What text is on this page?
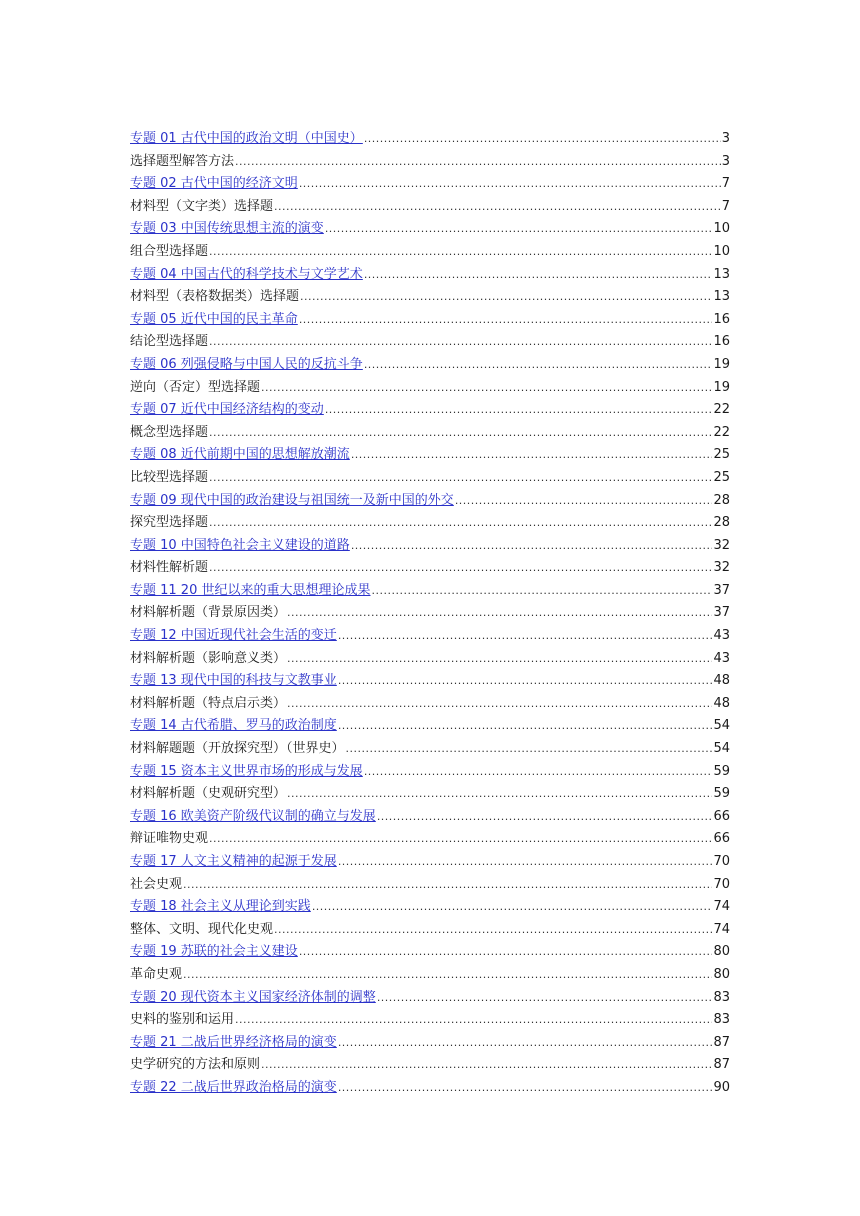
专题 01 古代中国的政治文明（中国史） .....	3
选择题型解答方法 .....	3
专题 02 古代中国的经济文明 .....	7
材料型（文字类）选择题 .....	7
专题 03 中国传统思想主流的演变 .....	10
组合型选择题 .....	10
专题 04 中国古代的科学技术与文学艺术 .....	13
材料型（表格数据类）选择题 .....	13
专题 05 近代中国的民主革命 .....	16
结论型选择题 .....	16
专题 06 列强侵略与中国人民的反抗斗争 .....	19
逆向（否定）型选择题 .....	19
专题 07 近代中国经济结构的变动 .....	22
概念型选择题 .....	22
专题 08 近代前期中国的思想解放潮流 .....	25
比较型选择题 .....	25
专题 09 现代中国的政治建设与祖国统一及新中国的外交 .....	28
探究型选择题 .....	28
专题 10 中国特色社会主义建设的道路 .....	32
材料性解析题 .....	32
专题 11 20 世纪以来的重大思想理论成果 .....	37
材料解析题（背景原因类） .....	37
专题 12 中国近现代社会生活的变迁 .....	43
材料解析题（影响意义类） .....	43
专题 13 现代中国的科技与文教事业 .....	48
材料解析题（特点启示类） .....	48
专题 14 古代希腊、罗马的政治制度 .....	54
材料解题题（开放探究型）（世界史） .....	54
专题 15 资本主义世界市场的形成与发展 .....	59
材料解析题（史观研究型） .....	59
专题 16 欧美资产阶级代议制的确立与发展 .....	66
辩证唯物史观 .....	66
专题 17 人文主义精神的起源于发展 .....	70
社会史观 .....	70
专题 18 社会主义从理论到实践 .....	74
整体、文明、现代化史观 .....	74
专题 19 苏联的社会主义建设 .....	80
革命史观 .....	80
专题 20 现代资本主义国家经济体制的调整 .....	83
史料的鉴别和运用 .....	83
专题 21 二战后世界经济格局的演变 .....	87
史学研究的方法和原则 .....	87
专题 22 二战后世界政治格局的演变 .....	90
